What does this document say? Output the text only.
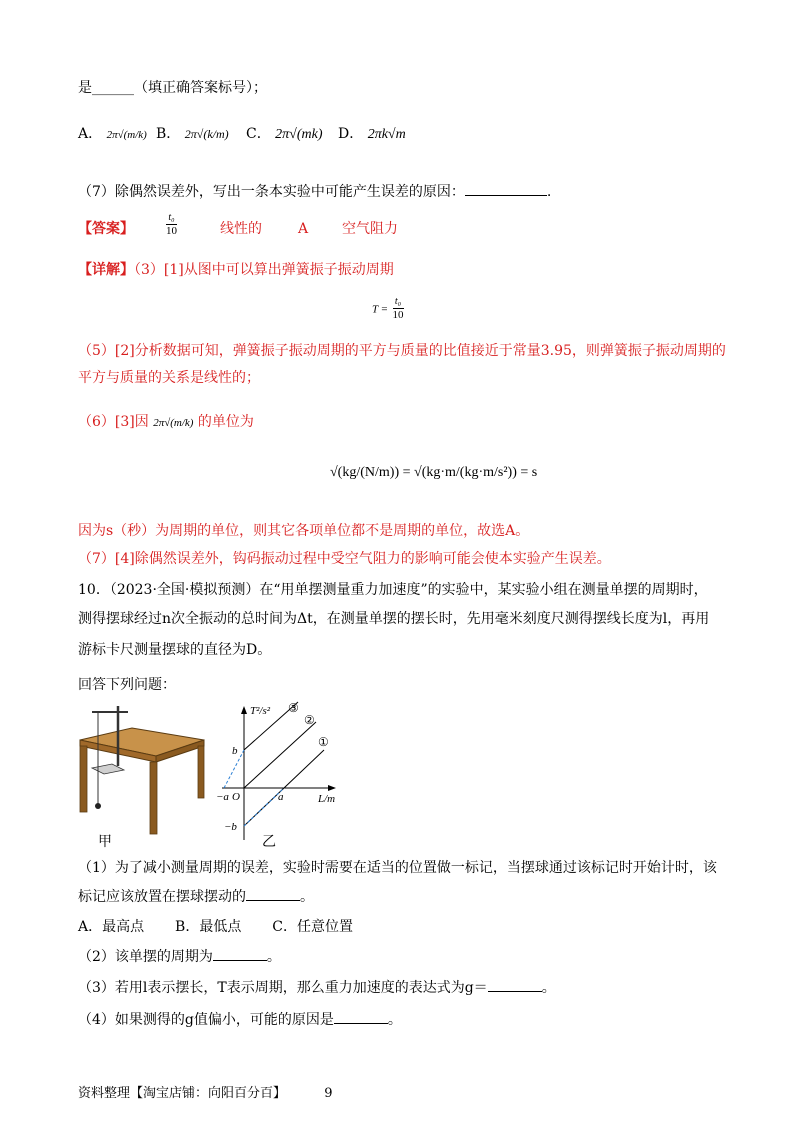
是______（填正确答案标号）；
A． 2π√(m/k) B． 2π√(k/m) C． 2π√(mk) D． 2πk√m
（7）除偶然误差外，写出一条本实验中可能产生误差的原因：	.
【答案】	$\frac{\text{t₀}}{10}$	线性的	A 空气阻力
【详解】（3）[1]从图中可以算出弹簧振子振动周期
$T = \frac{\text{t₀}}{10}$
（5）[2]分析数据可知，弹簧振子振动周期的平方与质量的比值接近于常量3.95，则弹簧振子振动周期的
平方与质量的关系是线性的；
（6）[3]因 2π√(m/k) 的单位为
√(kg/(N/m)) = √(kg·m/(kg·m/s²)) = s
因为s（秒）为周期的单位，则其它各项单位都不是周期的单位，故选A。
（7）[4]除偶然误差外，钩码振动过程中受空气阻力的影响可能会使本实验产生误差。
10．（2023·全国·模拟预测）在“用单摆测量重力加速度”的实验中，某实验小组在测量单摆的周期时，
测得摆球经过n次全振动的总时间为Δt，在测量单摆的摆长时，先用毫米刻度尺测得摆线长度为l，再用
游标卡尺测量摆球的直径为D。
回答下列问题：
甲
T²/s²
L/m
O
b
−b
a
−a
①
②
③
乙
（1）为了减小测量周期的误差，实验时需要在适当的位置做一标记，当摆球通过该标记时开始计时，该
标记应该放置在摆球摆动的	。
A．最高点 B．最低点 C．任意位置
（2）该单摆的周期为	。
（3）若用l表示摆长，T表示周期，那么重力加速度的表达式为g＝	。
（4）如果测得的g值偏小，可能的原因是	。
资料整理【淘宝店铺：向阳百分百】	9
